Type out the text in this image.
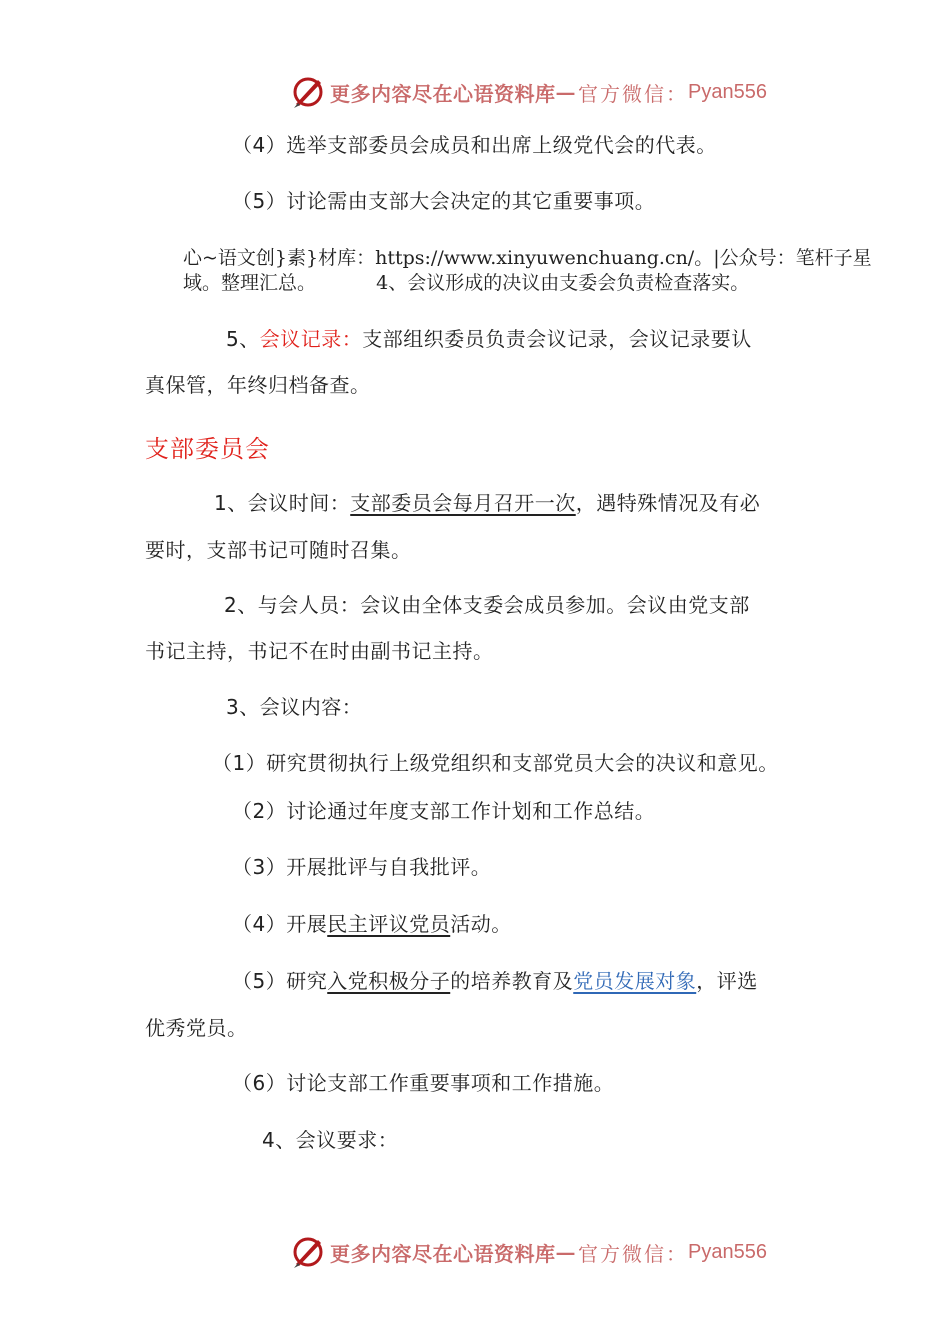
更多内容尽在心语资料库 — 官方微信： Pyan556
（4）选举支部委员会成员和出席上级党代会的代表。
（5）讨论需由支部大会决定的其它重要事项。
心~语文创}素}材库：https://www.xinyuwenchuang.cn/。|公众号：笔杆子星
域。整理汇总。	4、会议形成的决议由支委会负责检查落实。
5、会议记录：支部组织委员负责会议记录，会议记录要认
真保管，年终归档备查。
支部委员会
1、会议时间：支部委员会每月召开一次，遇特殊情况及有必
要时，支部书记可随时召集。
2、与会人员：会议由全体支委会成员参加。会议由党支部
书记主持，书记不在时由副书记主持。
3、会议内容：
（1）研究贯彻执行上级党组织和支部党员大会的决议和意见。
（2）讨论通过年度支部工作计划和工作总结。
（3）开展批评与自我批评。
（4）开展民主评议党员活动。
（5）研究入党积极分子的培养教育及党员发展对象，评选
优秀党员。
（6）讨论支部工作重要事项和工作措施。
4、会议要求：
更多内容尽在心语资料库 — 官方微信： Pyan556
